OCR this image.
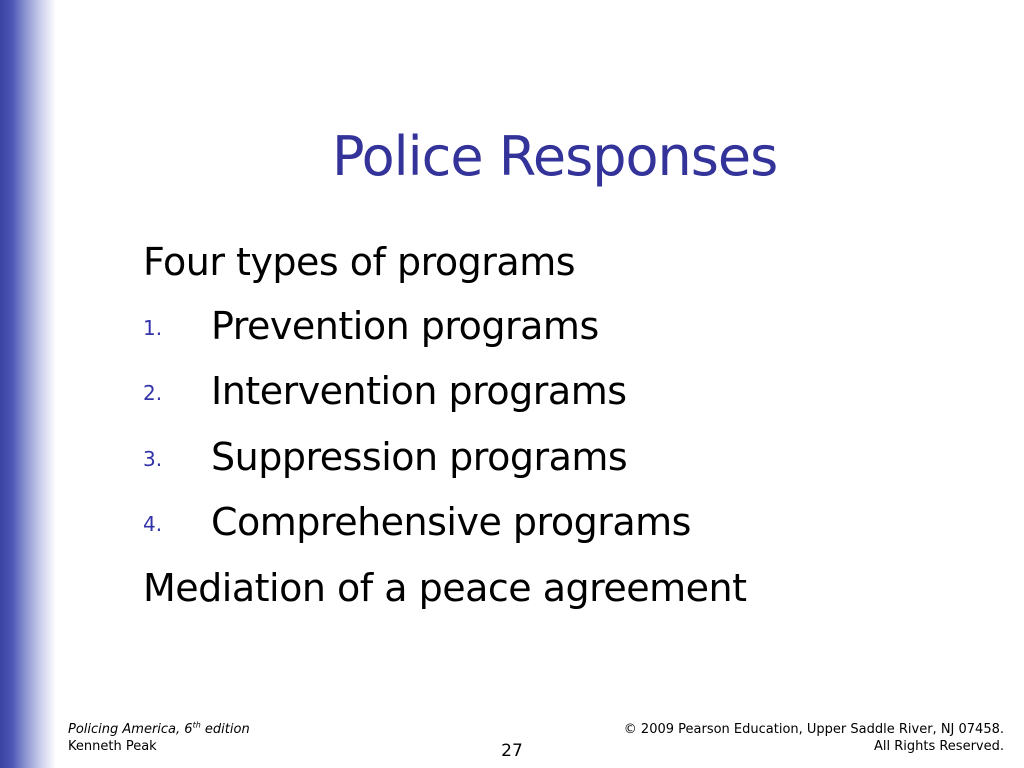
Police Responses
Four types of programs
1. Prevention programs
2. Intervention programs
3. Suppression programs
4. Comprehensive programs
Mediation of a peace agreement
Policing America, 6th edition
Kenneth Peak	27
© 2009 Pearson Education, Upper Saddle River, NJ 07458.
All Rights Reserved.
